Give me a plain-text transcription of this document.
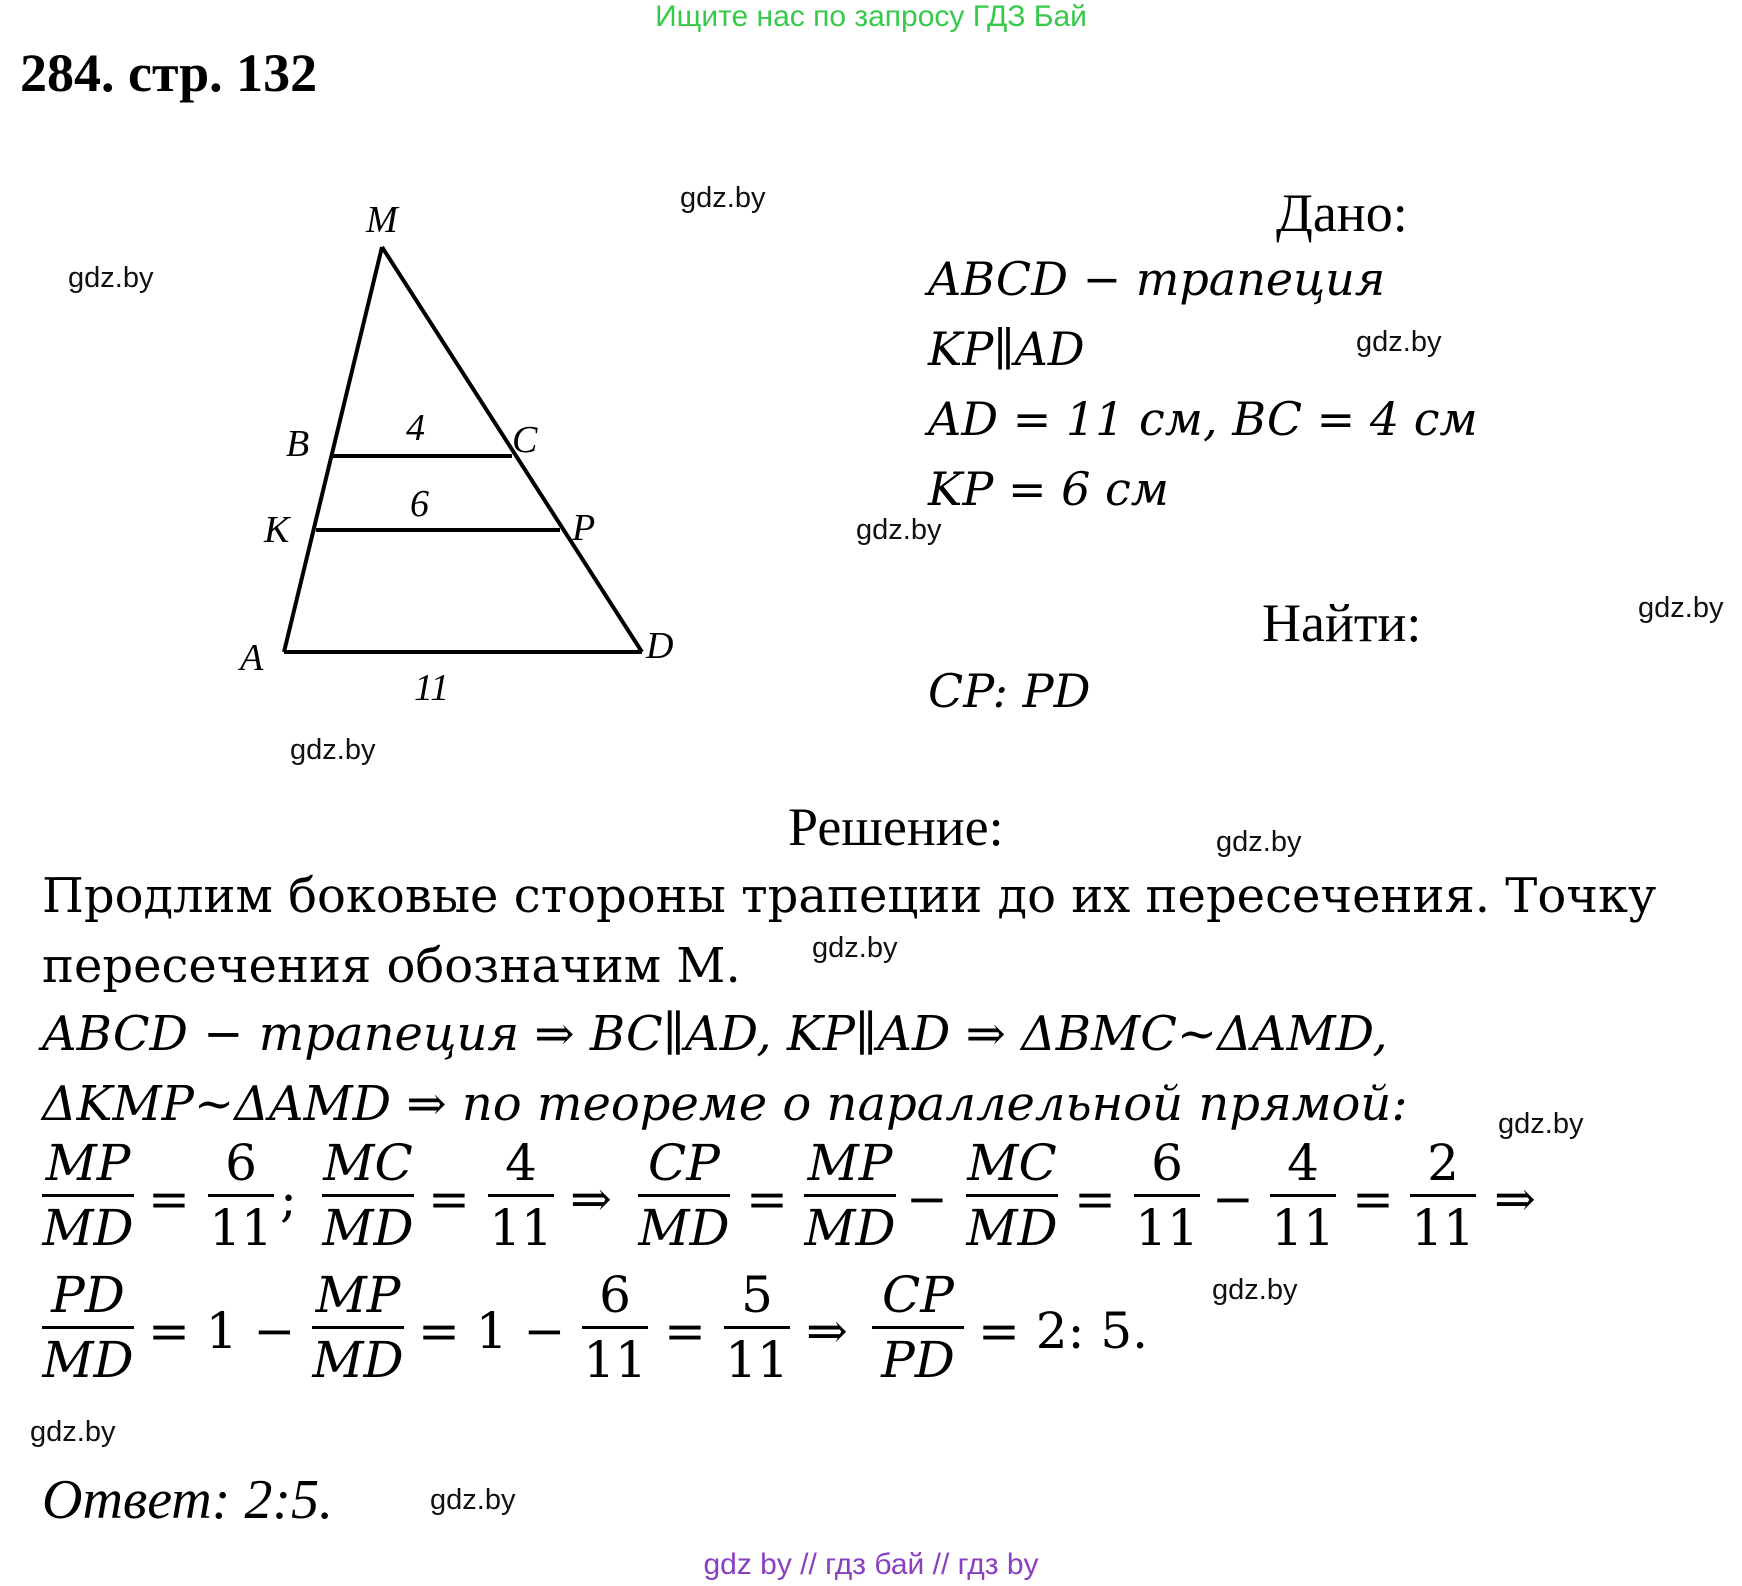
Ищите нас по запросу ГДЗ Бай
284. стр. 132
M
B	C
K	P
A	D
4
6
11
Дано:
ABCD − трапеция
KP∥AD
AD = 11 см, BC = 4 см
KP = 6 см
Найти:
CP: PD
Решение:
Продлим боковые стороны трапеции до их пересечения. Точку
пересечения обозначим M.
ABCD − трапеция ⇒ BC∥AD, KP∥AD ⇒ ΔBMC~ΔAMD,
ΔKMP~ΔAMD ⇒ по теореме о параллельной прямой:
MP
MD =
6
11 ;
MC
MD =
4
11 ⇒
CP
MD =
MP
MD −
MC
MD =
6
11 −
4
11 =
2
11 ⇒
PD
MD = 1 −
MP
MD = 1 −
6
11 =
5
11 ⇒
CP
PD = 2: 5.
Ответ: 2:5.
gdz.by
gdz.by
gdz.by
gdz.by
gdz.by
gdz.by
gdz.by
gdz.by
gdz.by
gdz.by
gdz.by
gdz.by
gdz by // гдз бай // гдз by
